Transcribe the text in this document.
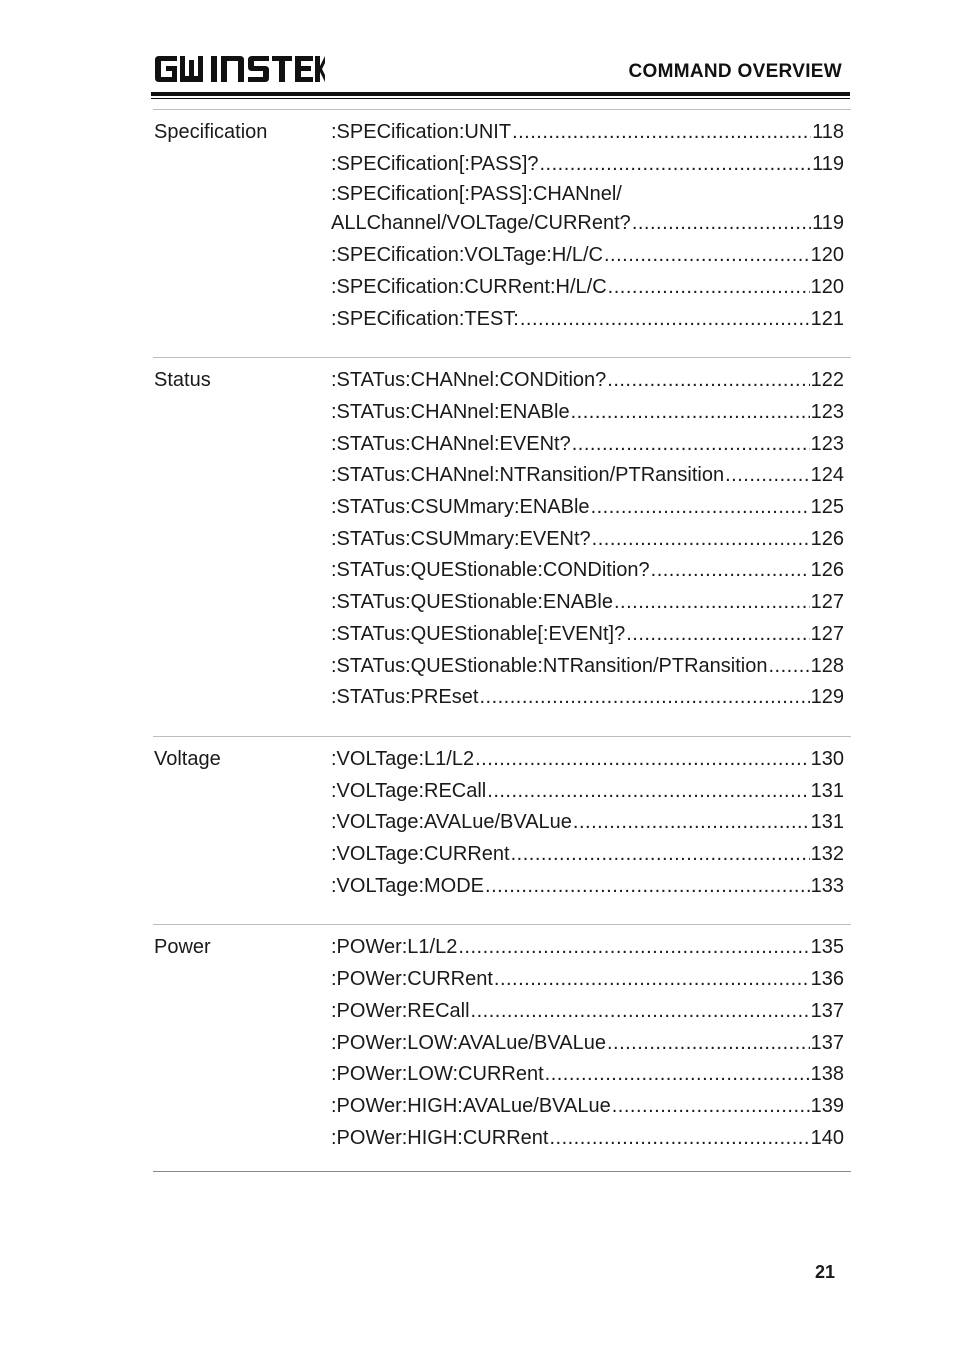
COMMAND OVERVIEW
Specification	:SPECification:UNIT .....	118
:SPECification[:PASS]? .....	119
:SPECification[:PASS]:CHANnel/
ALLChannel/VOLTage/CURRent? .....	119
:SPECification:VOLTage:H/L/C .....	120
:SPECification:CURRent:H/L/C .....	120
:SPECification:TEST: .....	121
Status	:STATus:CHANnel:CONDition? .....	122
:STATus:CHANnel:ENABle .....	123
:STATus:CHANnel:EVENt? .....	123
:STATus:CHANnel:NTRansition/PTRansition .....	124
:STATus:CSUMmary:ENABle .....	125
:STATus:CSUMmary:EVENt? .....	126
:STATus:QUEStionable:CONDition? .....	126
:STATus:QUEStionable:ENABle .....	127
:STATus:QUEStionable[:EVENt]? .....	127
:STATus:QUEStionable:NTRansition/PTRansition ..... 128
:STATus:PREset .....	129
Voltage	:VOLTage:L1/L2 .....	130
:VOLTage:RECall .....	131
:VOLTage:AVALue/BVALue .....	131
:VOLTage:CURRent .....	132
:VOLTage:MODE .....	133
Power	:POWer:L1/L2 .....	135
:POWer:CURRent .....	136
:POWer:RECall .....	137
:POWer:LOW:AVALue/BVALue .....	137
:POWer:LOW:CURRent .....	138
:POWer:HIGH:AVALue/BVALue .....	139
:POWer:HIGH:CURRent .....	140
21
